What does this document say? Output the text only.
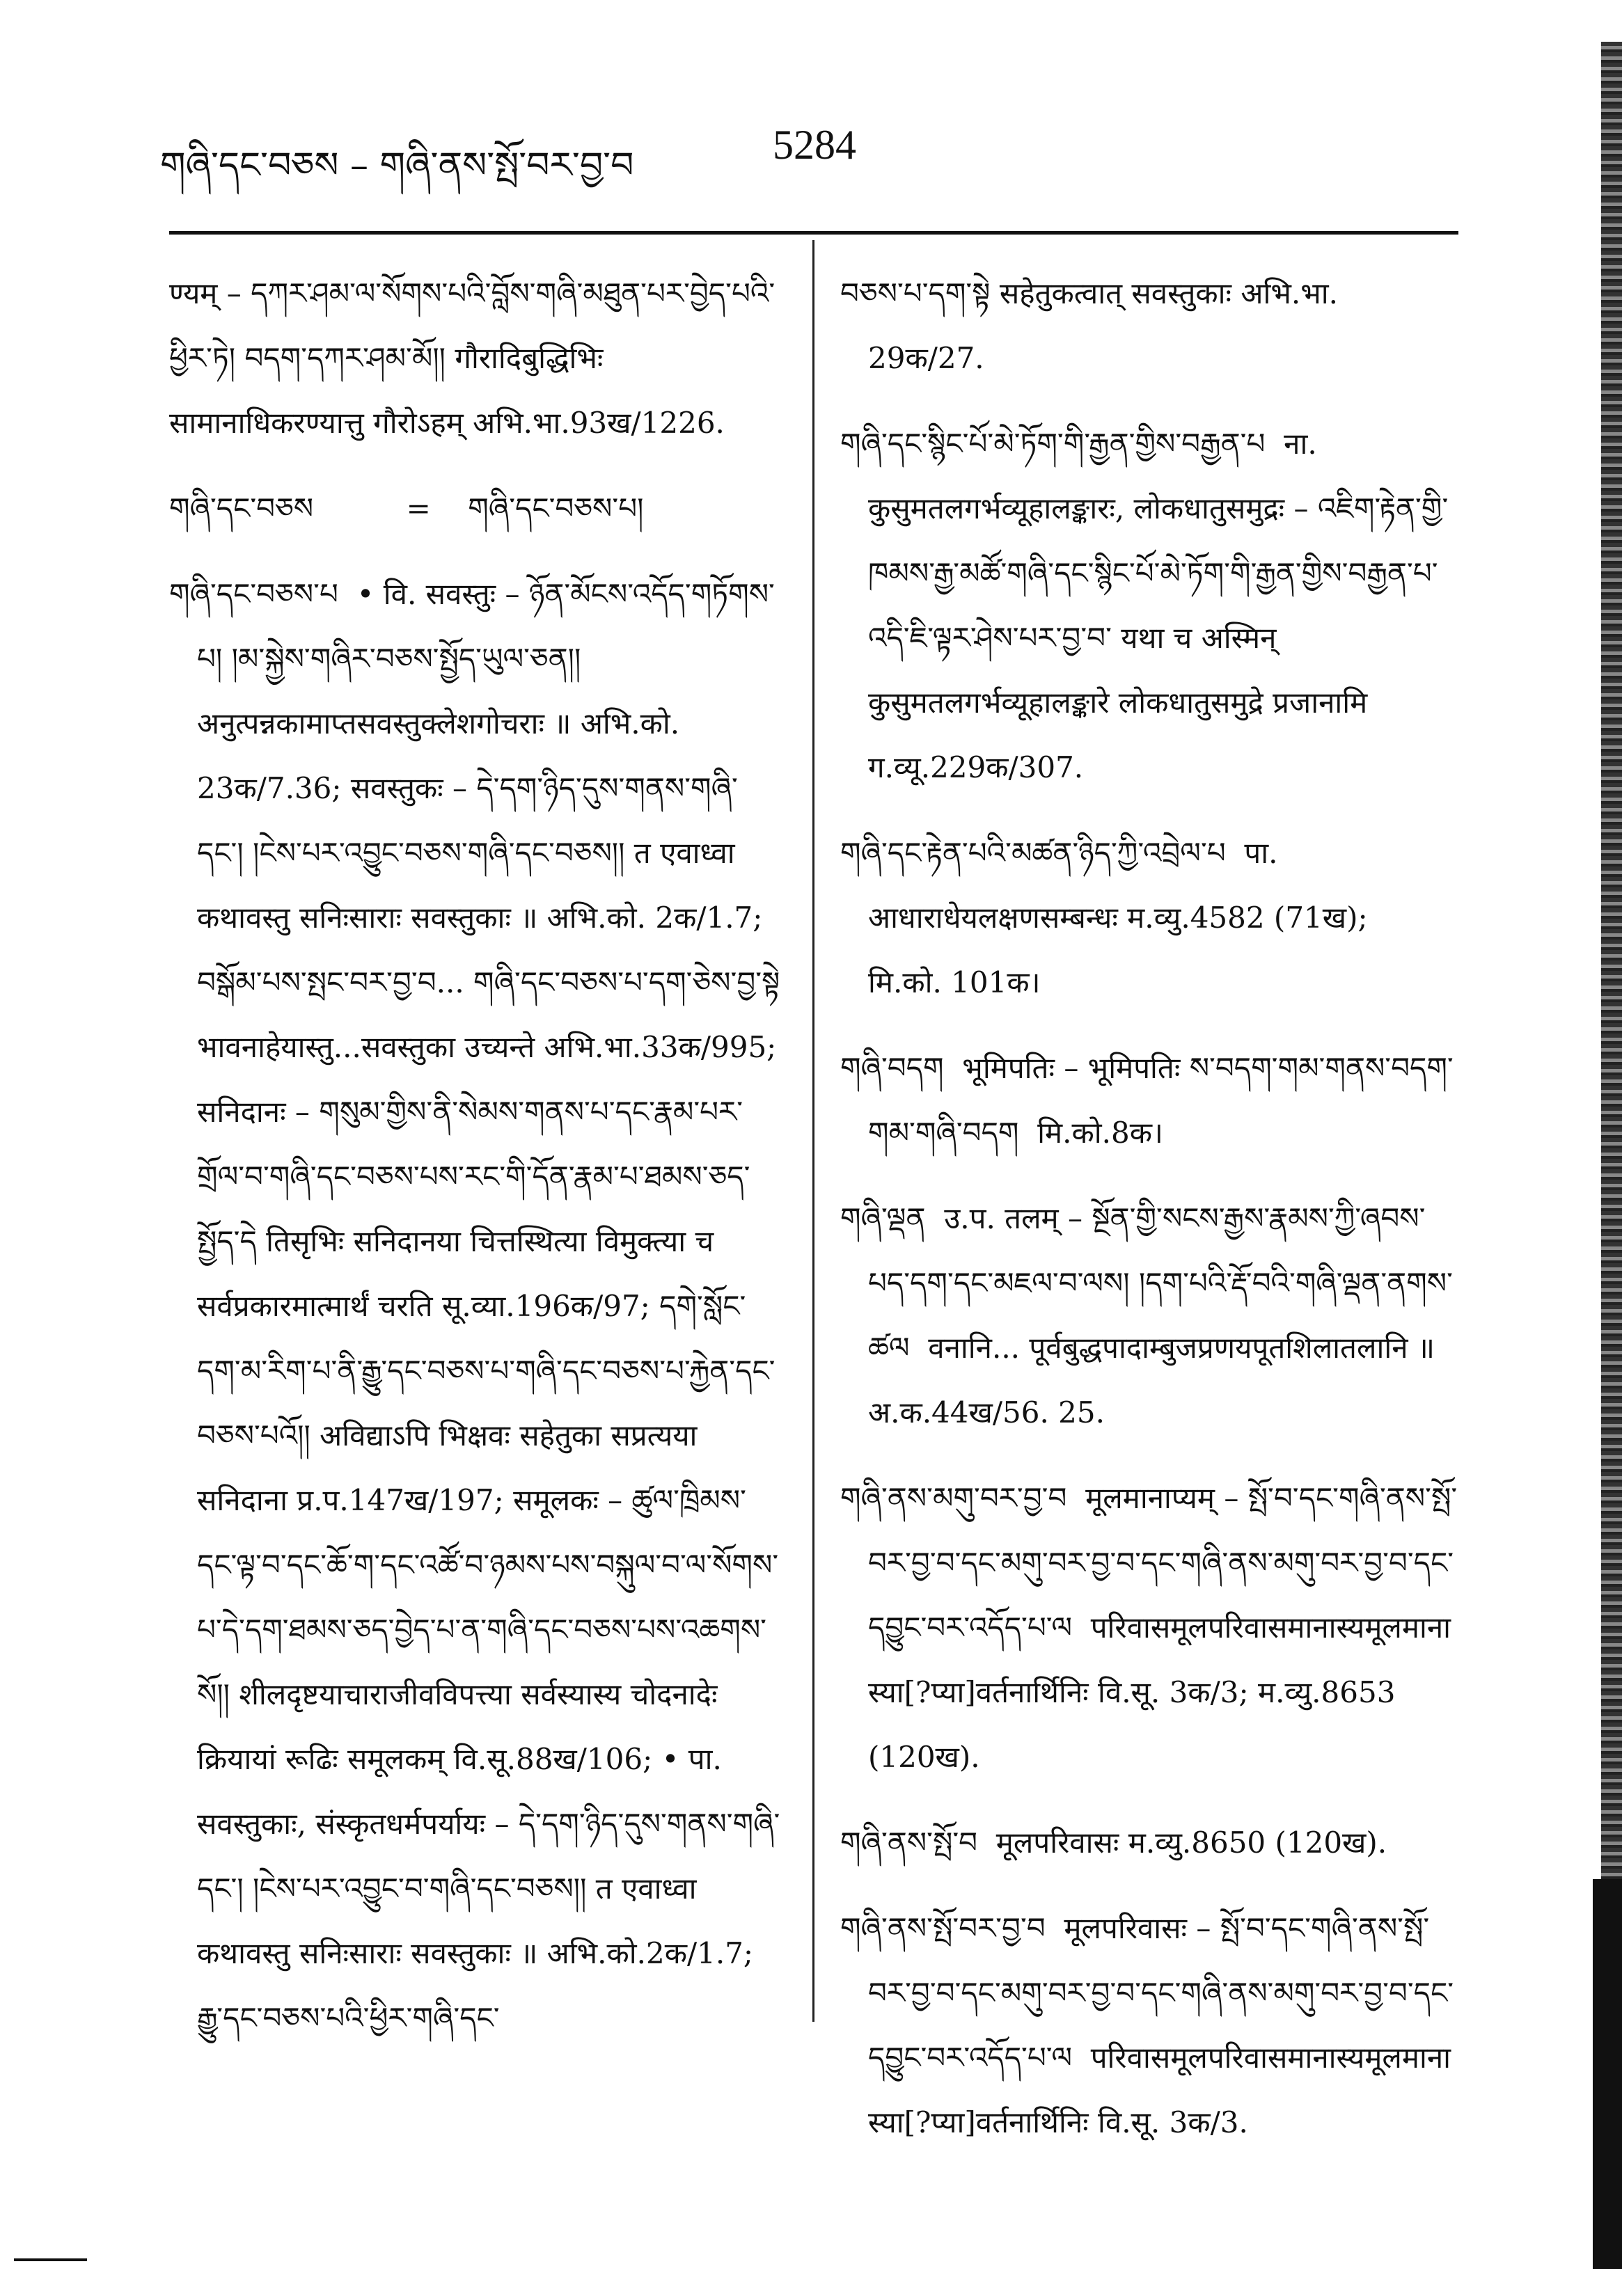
གཞི་དང་བཅས – གཞི་ནས་སྤོ་བར་བྱ་བ	5284
ण्यम् – དཀར་ཤམ་ལ་སོགས་པའི་བློས་གཞི་མཐུན་པར་བྱེད་པའི་ཕྱིར་ཏེ། བདག་དཀར་ཤམ་མོ།། गौरादिबुद्धिभिः सामानाधिकरण्यात्तु गौरोऽहम् अभि.भा.93ख/1226.
གཞི་དང་བཅས          =    གཞི་དང་བཅས་པ།
གཞི་དང་བཅས་པ  • वि. सवस्तुः – ཉོན་མོངས་འདོད་གཏོགས་པ། །མ་སྐྱེས་གཞིར་བཅས་སྤྱོད་ཡུལ་ཅན།། अनुत्पन्नकामाप्तसवस्तुक्लेशगोचराः ॥ अभि.को. 23क/7.36; सवस्तुकः – དེ་དག་ཉིད་དུས་གནས་གཞི་དང་། །ངེས་པར་འབྱུང་བཅས་གཞི་དང་བཅས།། त एवाध्वा कथावस्तु सनिःसाराः सवस्तुकाः ॥ अभि.को. 2क/1.7; བསྒོམ་པས་སྤང་བར་བྱ་བ... གཞི་དང་བཅས་པ་དག་ཅེས་བྱ་སྟེ भावनाहेयास्तु...सवस्तुका उच्यन्ते अभि.भा.33क/995; सनिदानः – གསུམ་གྱིས་ནི་སེམས་གནས་པ་དང་རྣམ་པར་གྲོལ་བ་གཞི་དང་བཅས་པས་རང་གི་དོན་རྣམ་པ་ཐམས་ཅད་སྤྱོད་དེ तिसृभिः सनिदानया चित्तस्थित्या विमुक्त्या च सर्वप्रकारमात्मार्थं चरति सू.व्या.196क/97; དགེ་སློང་དག་མ་རིག་པ་ནི་རྒྱུ་དང་བཅས་པ་གཞི་དང་བཅས་པ་རྐྱེན་དང་བཅས་པའོ།། अविद्याऽपि भिक्षवः सहेतुका सप्रत्यया सनिदाना प्र.प.147ख/197; समूलकः – ཚུལ་ཁྲིམས་དང་ལྟ་བ་དང་ཆོ་ག་དང་འཚོ་བ་ཉམས་པས་བསྐུལ་བ་ལ་སོགས་པ་དེ་དག་ཐམས་ཅད་བྱེད་པ་ན་གཞི་དང་བཅས་པས་འཆགས་སོ།། शीलदृष्टयाचाराजीवविपत्त्या सर्वस्यास्य चोदनादेः क्रियायां रूढिः समूलकम् वि.सू.88ख/106; • पा. सवस्तुकाः, संस्कृतधर्मपर्यायः – དེ་དག་ཉིད་དུས་གནས་གཞི་དང་། །ངེས་པར་འབྱུང་བ་གཞི་དང་བཅས།། त एवाध्वा कथावस्तु सनिःसाराः सवस्तुकाः ॥ अभि.को.2क/1.7; རྒྱུ་དང་བཅས་པའི་ཕྱིར་གཞི་དང་
བཅས་པ་དག་སྟེ सहेतुकत्वात् सवस्तुकाः अभि.भा. 29क/27.
གཞི་དང་སྙིང་པོ་མེ་ཏོག་གི་རྒྱན་གྱིས་བརྒྱན་པ  ना. कुसुमतलगर्भव्यूहालङ्कारः, लोकधातुसमुद्रः – འཇིག་རྟེན་གྱི་ཁམས་རྒྱ་མཚོ་གཞི་དང་སྙིང་པོ་མེ་ཏོག་གི་རྒྱན་གྱིས་བརྒྱན་པ་འདི་ཇི་ལྟར་ཤེས་པར་བྱ་བ་ यथा च अस्मिन् कुसुमतलगर्भव्यूहालङ्कारे लोकधातुसमुद्रे प्रजानामि ग.व्यू.229क/307.
གཞི་དང་རྟེན་པའི་མཚན་ཉིད་ཀྱི་འབྲེལ་པ  पा. आधाराधेयलक्षणसम्बन्धः म.व्यु.4582 (71ख);  मि.को. 101क।
གཞི་བདག  भूमिपतिः – भूमिपतिः ས་བདག་གམ་གནས་བདག་གམ་གཞི་བདག  मि.को.8क।
གཞི་ལྡན  उ.प. तलम् – སྔོན་གྱི་སངས་རྒྱས་རྣམས་ཀྱི་ཞབས་པད་དག་དང་མཇལ་བ་ལས། །དག་པའི་རྡོ་བའི་གཞི་ལྡན་ནགས་ཚལ  वनानि... पूर्वबुद्धपादाम्बुजप्रणयपूतशिलातलानि ॥ अ.क.44ख/56. 25.
གཞི་ནས་མགུ་བར་བྱ་བ  मूलमानाप्यम् – སྤོ་བ་དང་གཞི་ནས་སྤོ་བར་བྱ་བ་དང་མགུ་བར་བྱ་བ་དང་གཞི་ནས་མགུ་བར་བྱ་བ་དང་དབྱུང་བར་འདོད་པ་ལ  परिवासमूलपरिवासमानास्यमूलमाना स्या[?प्या]वर्तनार्थिनिः वि.सू. 3क/3; म.व्यु.8653 (120ख).
གཞི་ནས་སྤོ་བ  मूलपरिवासः म.व्यु.8650 (120ख).
གཞི་ནས་སྤོ་བར་བྱ་བ  मूलपरिवासः – སྤོ་བ་དང་གཞི་ནས་སྤོ་བར་བྱ་བ་དང་མགུ་བར་བྱ་བ་དང་གཞི་ནས་མགུ་བར་བྱ་བ་དང་དབྱུང་བར་འདོད་པ་ལ  परिवासमूलपरिवासमानास्यमूलमाना स्या[?प्या]वर्तनार्थिनिः वि.सू. 3क/3.
